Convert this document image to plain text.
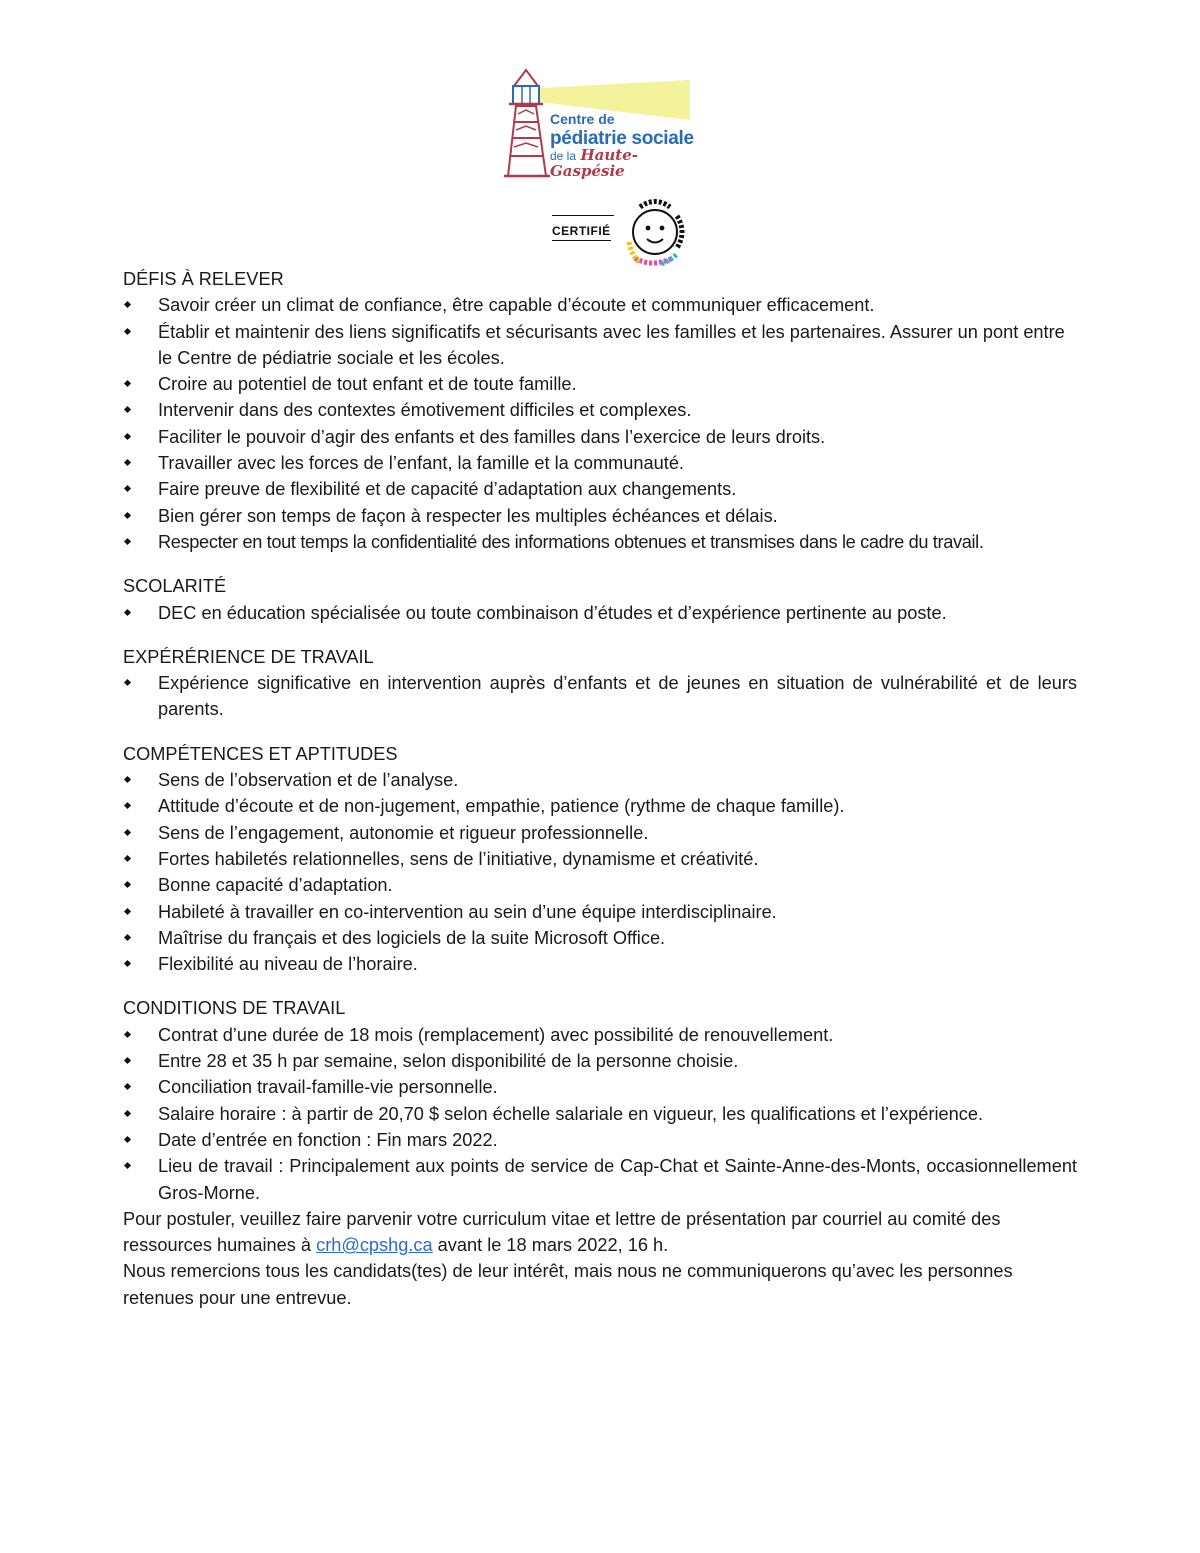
Centre de
pédiatrie sociale
de la Haute-Gaspésie
CERTIFIÉ
DÉFIS À RELEVER
Savoir créer un climat de confiance, être capable d’écoute et communiquer efficacement.
Établir et maintenir des liens significatifs et sécurisants avec les familles et les partenaires. Assurer un pont entre le Centre de pédiatrie sociale et les écoles.
Croire au potentiel de tout enfant et de toute famille.
Intervenir dans des contextes émotivement difficiles et complexes.
Faciliter le pouvoir d’agir des enfants et des familles dans l’exercice de leurs droits.
Travailler avec les forces de l’enfant, la famille et la communauté.
Faire preuve de flexibilité et de capacité d’adaptation aux changements.
Bien gérer son temps de façon à respecter les multiples échéances et délais.
Respecter en tout temps la confidentialité des informations obtenues et transmises dans le cadre du travail.
SCOLARITÉ
DEC en éducation spécialisée ou toute combinaison d’études et d’expérience pertinente au poste.
EXPÉRÉRIENCE DE TRAVAIL
Expérience significative en intervention auprès d’enfants et de jeunes en situation de vulnérabilité et de leurs parents.
COMPÉTENCES ET APTITUDES
Sens de l’observation et de l’analyse.
Attitude d’écoute et de non-jugement, empathie, patience (rythme de chaque famille).
Sens de l’engagement, autonomie et rigueur professionnelle.
Fortes habiletés relationnelles, sens de l’initiative, dynamisme et créativité.
Bonne capacité d’adaptation.
Habileté à travailler en co-intervention au sein d’une équipe interdisciplinaire.
Maîtrise du français et des logiciels de la suite Microsoft Office.
Flexibilité au niveau de l’horaire.
CONDITIONS DE TRAVAIL
Contrat d’une durée de 18 mois (remplacement) avec possibilité de renouvellement.
Entre 28 et 35 h par semaine, selon disponibilité de la personne choisie.
Conciliation travail-famille-vie personnelle.
Salaire horaire : à partir de 20,70 $ selon échelle salariale en vigueur, les qualifications et l’expérience.
Date d’entrée en fonction : Fin mars 2022.
Lieu de travail : Principalement aux points de service de Cap-Chat et Sainte-Anne-des-Monts, occasionnellement Gros-Morne.

Pour postuler, veuillez faire parvenir votre curriculum vitae et lettre de présentation par courriel au comité des ressources humaines à crh@cpshg.ca avant le 18 mars 2022, 16 h.

Nous remercions tous les candidats(tes) de leur intérêt, mais nous ne communiquerons qu’avec les personnes retenues pour une entrevue.
